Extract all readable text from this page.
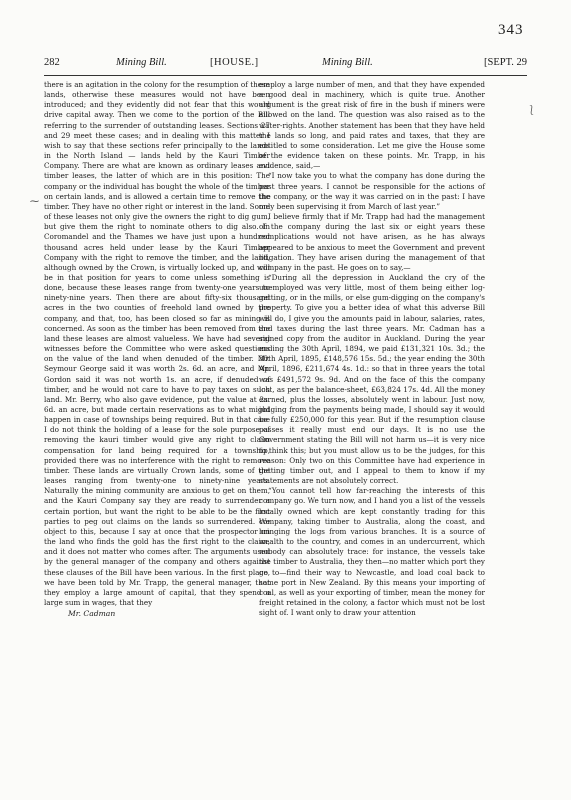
343
282	Mining Bill.	[HOUSE.]	Mining Bill.	[SEPT. 29

there is an agitation in the colony for the resumption of these lands, otherwise these measures would not have been introduced; and they evidently did not fear that this would drive capital away. Then we come to the portion of the Bill referring to the surrender of outstanding leases. Sections 27 and 29 meet these cases; and in dealing with this matter I wish to say that these sections refer principally to the lands in the North Island — lands held by the Kauri Timber Company. There are what are known as ordinary leases and timber leases, the latter of which are in this position: The company or the individual has bought the whole of the timber on certain lands, and is allowed a certain time to remove the timber. They have no other right or interest in the land. Some of these leases not only give the owners the right to dig gum, but give them the right to nominate others to dig also. In Coromandel and the Thames we have just upon a hundred thousand acres held under lease by the Kauri Timber Company with the right to remove the timber, and the land, although owned by the Crown, is virtually locked up, and will be in that position for years to come unless something is done, because these leases range from twenty-one years to ninety-nine years. Then there are about fifty-six thousand acres in the two counties of freehold land owned by the company, and that, too, has been closed so far as mining is concerned. As soon as the timber has been removed from the land these leases are almost valueless. We have had several witnesses before the Committee who were asked questions on the value of the land when denuded of the timber. Mr. Seymour George said it was worth 2s. 6d. an acre, and Mr. Gordon said it was not worth 1s. an acre, if denuded of timber, and he would not care to have to pay taxes on such land. Mr. Berry, who also gave evidence, put the value at 2s. 6d. an acre, but made certain reservations as to what might happen in case of townships being required. But in that case I do not think the holding of a lease for the sole purpose of removing the kauri timber would give any right to claim compensation for land being required for a township, provided there was no interference with the right to remove timber. These lands are virtually Crown lands, some of the leases ranging from twenty-one to ninety-nine years. Naturally the mining community are anxious to get on them, and the Kauri Company say they are ready to surrender a certain portion, but want the right to be able to be the first parties to peg out claims on the lands so surrendered. We object to this, because I say at once that the prospector on the land who finds the gold has the first right to the claim, and it does not matter who comes after. The arguments used by the general manager of the company and others against these clauses of the Bill have been various. In the first place, we have been told by Mr. Trapp, the general manager, that they employ a large amount of capital, that they spend a large sum in wages, that they

Mr. Cadman
⁓
⎱

employ a large number of men, and that they have expended a good deal in machinery, which is quite true. Another argument is the great risk of fire in the bush if miners were allowed on the land. The question was also raised as to the water-rights. Another statement has been that they have held the lands so long, and paid rates and taxes, that they are entitled to some consideration. Let me give the House some of the evidence taken on these points. Mr. Trapp, in his evidence, said,—

“I now take you to what the company has done during the past three years. I cannot be responsible for the actions of the company, or the way it was carried on in the past: I have only been supervising it from March of last year.”

I believe firmly that if Mr. Trapp had had the management of the company during the last six or eight years these complications would not have arisen, as he has always appeared to be anxious to meet the Government and prevent litigation. They have arisen during the management of that company in the past. He goes on to say,—

“During all the depression in Auckland the cry of the unemployed was very little, most of them being either log-getting, or in the mills, or else gum-digging on the company's property. To give you a better idea of what this adverse Bill will do, I give you the amounts paid in labour, salaries, rates, and taxes during the last three years. Mr. Cadman has a signed copy from the auditor in Auckland. During the year ending the 30th April, 1894, we paid £131,321 10s. 3d.; the 30th April, 1895, £148,576 15s. 5d.; the year ending the 30th April, 1896, £211,674 4s. 1d.: so that in three years the total was £491,572 9s. 9d. And on the face of this the company lost, as per the balance-sheet, £63,824 17s. 4d. All the money earned, plus the losses, absolutely went in labour. Just now, judging from the payments being made, I should say it would be fully £250,000 for this year. But if the resumption clause passes it really must end our days. It is no use the Government stating the Bill will not harm us—it is very nice to think this; but you must allow us to be the judges, for this reason: Only two on this Committee have had experience in getting timber out, and I appeal to them to know if my statements are not absolutely correct.

“You cannot tell how far-reaching the interests of this company go. We turn now, and I hand you a list of the vessels locally owned which are kept constantly trading for this company, taking timber to Australia, along the coast, and bringing the logs from various branches. It is a source of wealth to the country, and comes in an undercurrent, which nobody can absolutely trace: for instance, the vessels take the timber to Australia, they then—no matter which port they go to—find their way to Newcastle, and load coal back to some port in New Zealand. By this means your importing of coal, as well as your exporting of timber, mean the money for freight retained in the colony, a factor which must not be lost sight of. I want only to draw your attention
